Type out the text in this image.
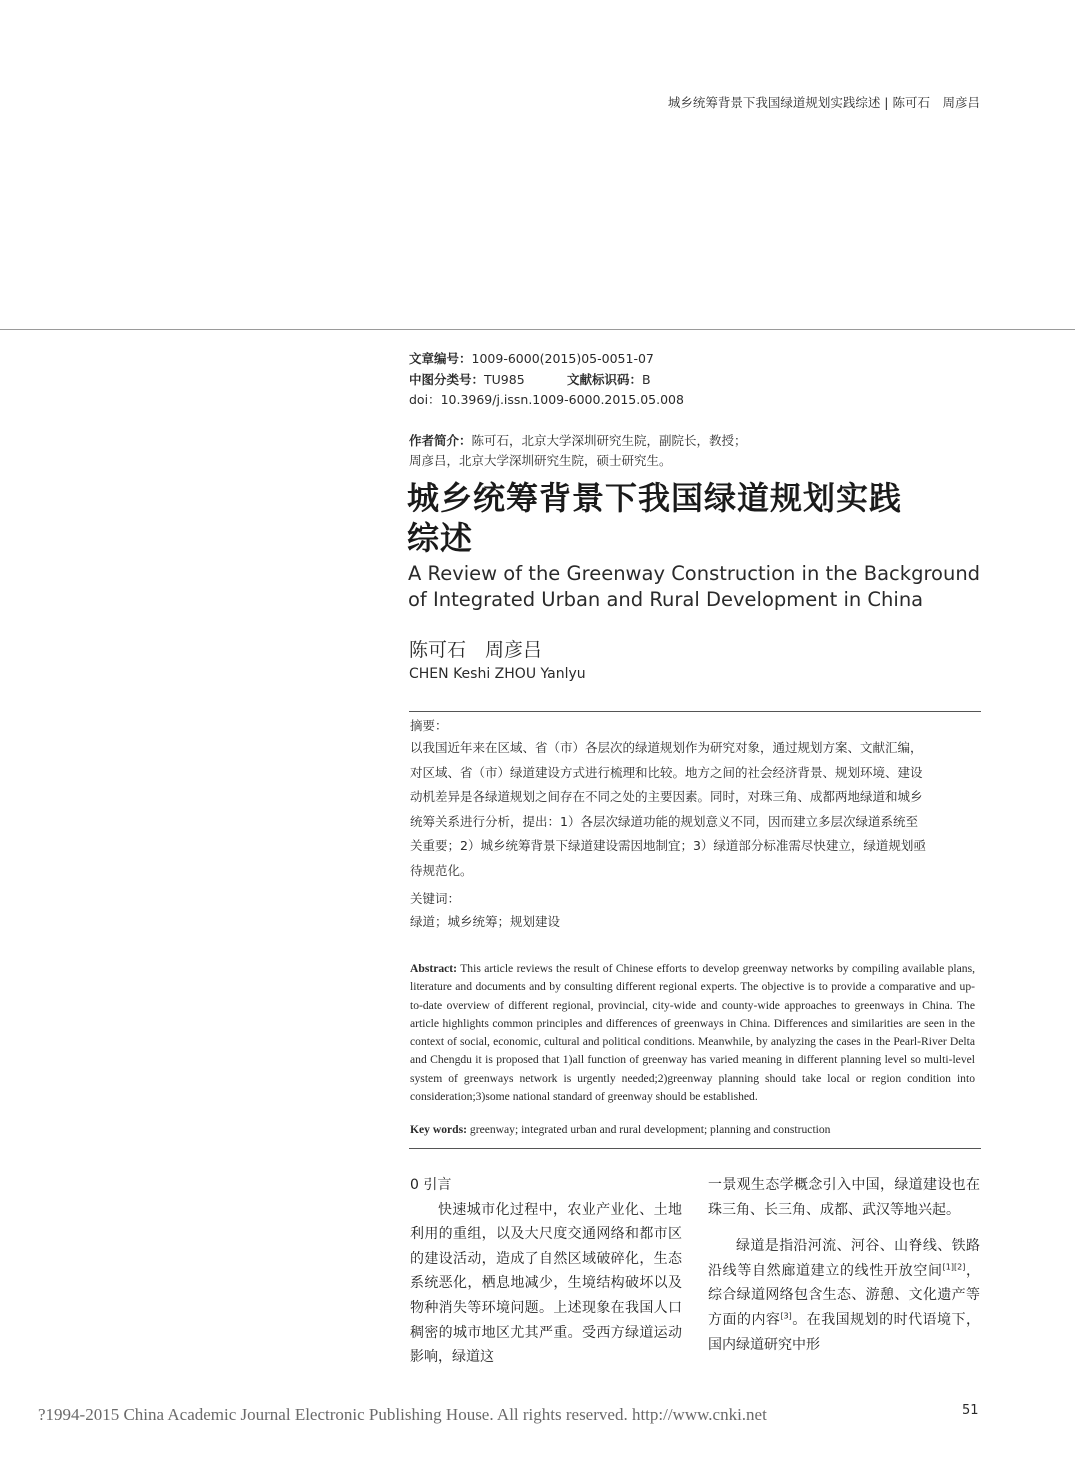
城乡统筹背景下我国绿道规划实践综述 | 陈可石　周彦吕
文章编号：1009-6000(2015)05-0051-07
中图分类号：TU985	文献标识码：B
doi：10.3969/j.issn.1009-6000.2015.05.008
作者简介：陈可石，北京大学深圳研究生院，副院长，教授；
周彦吕，北京大学深圳研究生院，硕士研究生。
城乡统筹背景下我国绿道规划实践
综述
A Review of the Greenway Construction in the Background
of Integrated Urban and Rural Development in China
陈可石　周彦吕
CHEN Keshi ZHOU Yanlyu
摘要：
以我国近年来在区域、省（市）各层次的绿道规划作为研究对象，通过规划方案、文献汇编，
对区域、省（市）绿道建设方式进行梳理和比较。地方之间的社会经济背景、规划环境、建设
动机差异是各绿道规划之间存在不同之处的主要因素。同时，对珠三角、成都两地绿道和城乡
统筹关系进行分析，提出：1）各层次绿道功能的规划意义不同，因而建立多层次绿道系统至
关重要；2）城乡统筹背景下绿道建设需因地制宜；3）绿道部分标准需尽快建立，绿道规划亟
待规范化。
关键词：
绿道；城乡统筹；规划建设
Abstract: This article reviews the result of Chinese efforts to develop greenway networks by compiling available plans, literature and documents and by consulting different regional experts. The objective is to provide a comparative and up-to-date overview of different regional, provincial, city-wide and county-wide approaches to greenways in China. The article highlights common principles and differences of greenways in China. Differences and similarities are seen in the context of social, economic, cultural and political conditions. Meanwhile, by analyzing the cases in the Pearl-River Delta and Chengdu it is proposed that 1)all function of greenway has varied meaning in different planning level so multi-level system of greenways network is urgently needed;2)greenway planning should take local or region condition into consideration;3)some national standard of greenway should be established.
Key words: greenway; integrated urban and rural development; planning and construction

0 引言

快速城市化过程中，农业产业化、土地利用的重组，以及大尺度交通网络和都市区的建设活动，造成了自然区域破碎化，生态系统恶化，栖息地减少，生境结构破坏以及物种消失等环境问题。上述现象在我国人口稠密的城市地区尤其严重。受西方绿道运动影响，绿道这

一景观生态学概念引入中国，绿道建设也在珠三角、长三角、成都、武汉等地兴起。

绿道是指沿河流、河谷、山脊线、铁路沿线等自然廊道建立的线性开放空间[1][2]，综合绿道网络包含生态、游憩、文化遗产等方面的内容[3]。在我国规划的时代语境下，国内绿道研究中形

?1994-2015 China Academic Journal Electronic Publishing House. All rights reserved. http://www.cnki.net	51
